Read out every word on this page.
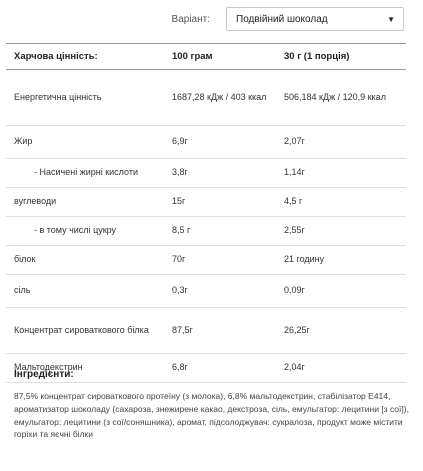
Варіант:	Подвійний шоколад	▼
Харчова цінність:	100 грам	30 г (1 порція)
Енергетична цінність	1687,28 кДж / 403 ккал	506,184 кДж / 120,9 ккал
Жир	6,9г	2,07г
- Насичені жирні кислоти	3,8г	1,14г
вуглеводи	15г	4,5 г
- в тому числі цукру	8,5 г	2,55г
білок	70г	21 годину
сіль	0,3г	0,09г
Концентрат сироваткового білка	87,5г	26,25г
Мальтодекстрин	6,8г	2,04г
Інгредієнти:
87,5% концентрат сироваткового протеїну (з молока), 6,8% мальтодекстрин, стабілізатор Е414, ароматизатор шоколаду (сахароза, знежирене какао, декстроза, сіль, емульгатор: лецитини [з сої]), емульгатор: лецитини (з сої/соняшника), аромат, підсолоджувач: сукралоза, продукт може містити горіхи та яєчні білки
